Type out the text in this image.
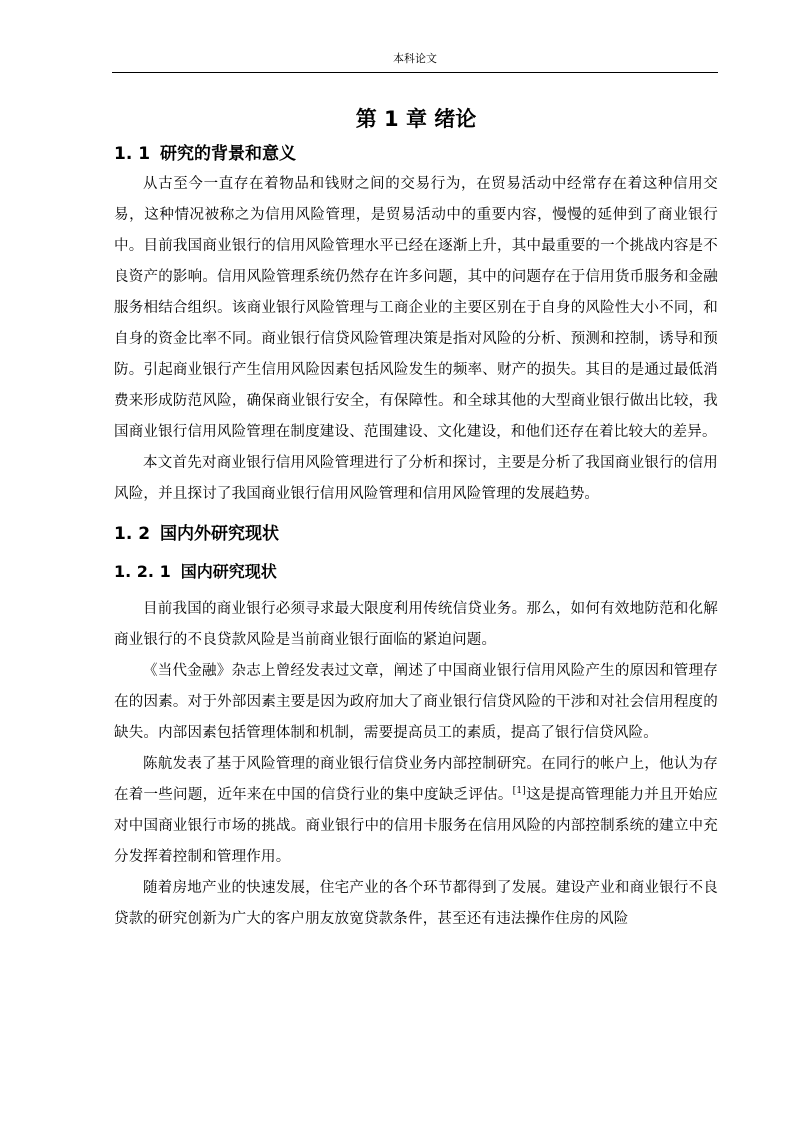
本科论文
第 1 章 绪论
1. 1 研究的背景和意义

从古至今一直存在着物品和钱财之间的交易行为，在贸易活动中经常存在着这种信用交易，这种情况被称之为信用风险管理，是贸易活动中的重要内容，慢慢的延伸到了商业银行中。目前我国商业银行的信用风险管理水平已经在逐渐上升，其中最重要的一个挑战内容是不良资产的影响。信用风险管理系统仍然存在许多问题，其中的问题存在于信用货币服务和金融服务相结合组织。该商业银行风险管理与工商企业的主要区别在于自身的风险性大小不同，和自身的资金比率不同。商业银行信贷风险管理决策是指对风险的分析、预测和控制，诱导和预防。引起商业银行产生信用风险因素包括风险发生的频率、财产的损失。其目的是通过最低消费来形成防范风险，确保商业银行安全，有保障性。和全球其他的大型商业银行做出比较，我国商业银行信用风险管理在制度建设、范围建设、文化建设，和他们还存在着比较大的差异。

本文首先对商业银行信用风险管理进行了分析和探讨，主要是分析了我国商业银行的信用风险，并且探讨了我国商业银行信用风险管理和信用风险管理的发展趋势。

1. 2 国内外研究现状
1. 2. 1 国内研究现状

目前我国的商业银行必须寻求最大限度利用传统信贷业务。那么，如何有效地防范和化解商业银行的不良贷款风险是当前商业银行面临的紧迫问题。

《当代金融》杂志上曾经发表过文章，阐述了中国商业银行信用风险产生的原因和管理存在的因素。对于外部因素主要是因为政府加大了商业银行信贷风险的干涉和对社会信用程度的缺失。内部因素包括管理体制和机制，需要提高员工的素质，提高了银行信贷风险。

陈航发表了基于风险管理的商业银行信贷业务内部控制研究。在同行的帐户上，他认为存在着一些问题，近年来在中国的信贷行业的集中度缺乏评估。[1]这是提高管理能力并且开始应对中国商业银行市场的挑战。商业银行中的信用卡服务在信用风险的内部控制系统的建立中充分发挥着控制和管理作用。

随着房地产业的快速发展，住宅产业的各个环节都得到了发展。建设产业和商业银行不良贷款的研究创新为广大的客户朋友放宽贷款条件，甚至还有违法操作住房的风险
